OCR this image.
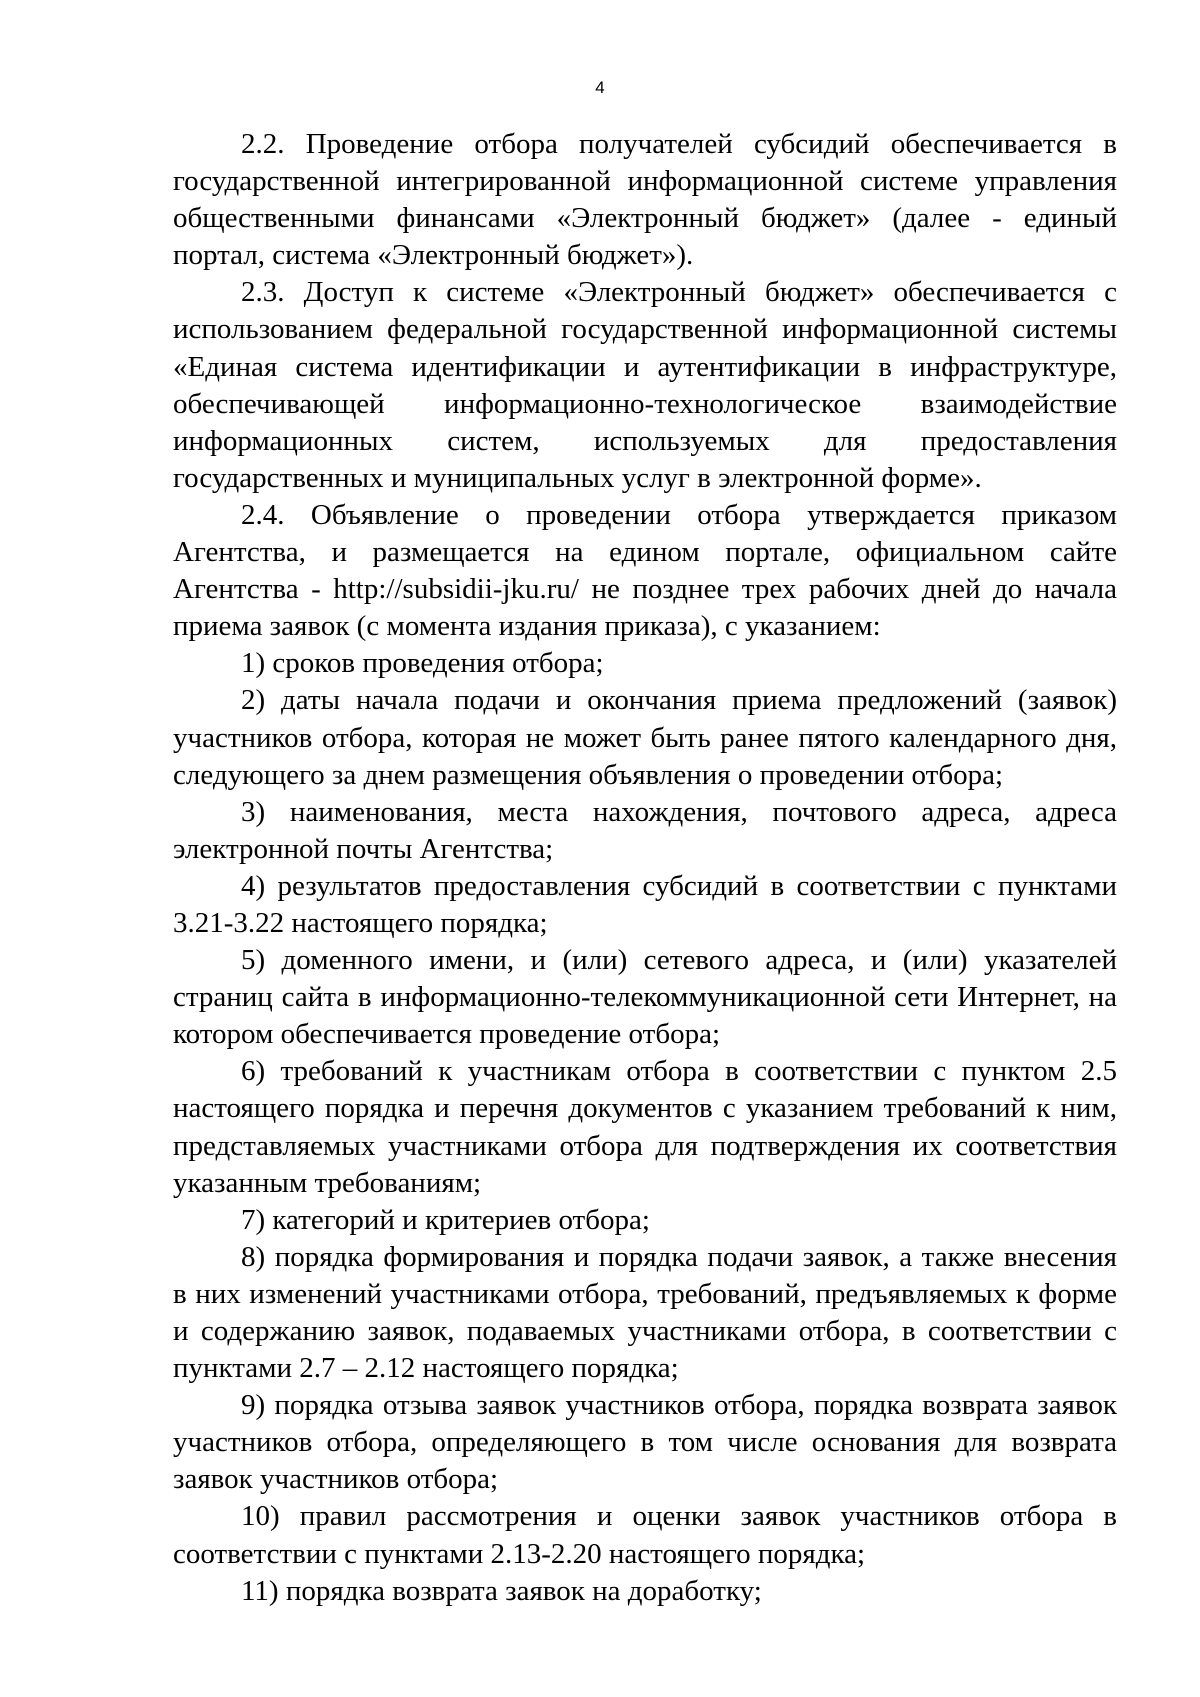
4

2.2. Проведение отбора получателей субсидий обеспечивается в государственной интегрированной информационной системе управления общественными финансами «Электронный бюджет» (далее - единый портал, система «Электронный бюджет»).

2.3. Доступ к системе «Электронный бюджет» обеспечивается с использованием федеральной государственной информационной системы «Единая система идентификации и аутентификации в инфраструктуре, обеспечивающей информационно-технологическое взаимодействие информационных систем, используемых для предоставления государственных и муниципальных услуг в электронной форме».

2.4. Объявление о проведении отбора утверждается приказом Агентства, и размещается на едином портале, официальном сайте Агентства - http://subsidii-jku.ru/ не позднее трех рабочих дней до начала приема заявок (с момента издания приказа), с указанием:

1) сроков проведения отбора;

2) даты начала подачи и окончания приема предложений (заявок) участников отбора, которая не может быть ранее пятого календарного дня, следующего за днем размещения объявления о проведении отбора;

3) наименования, места нахождения, почтового адреса, адреса электронной почты Агентства;

4) результатов предоставления субсидий в соответствии с пунктами 3.21-3.22 настоящего порядка;

5) доменного имени, и (или) сетевого адреса, и (или) указателей страниц сайта в информационно-телекоммуникационной сети Интернет, на котором обеспечивается проведение отбора;

6) требований к участникам отбора в соответствии с пунктом 2.5 настоящего порядка и перечня документов с указанием требований к ним, представляемых участниками отбора для подтверждения их соответствия указанным требованиям;

7) категорий и критериев отбора;

8) порядка формирования и порядка подачи заявок, а также внесения в них изменений участниками отбора, требований, предъявляемых к форме и содержанию заявок, подаваемых участниками отбора, в соответствии с пунктами 2.7 – 2.12 настоящего порядка;

9) порядка отзыва заявок участников отбора, порядка возврата заявок участников отбора, определяющего в том числе основания для возврата заявок участников отбора;

10) правил рассмотрения и оценки заявок участников отбора в соответствии с пунктами 2.13-2.20 настоящего порядка;

11) порядка возврата заявок на доработку;
